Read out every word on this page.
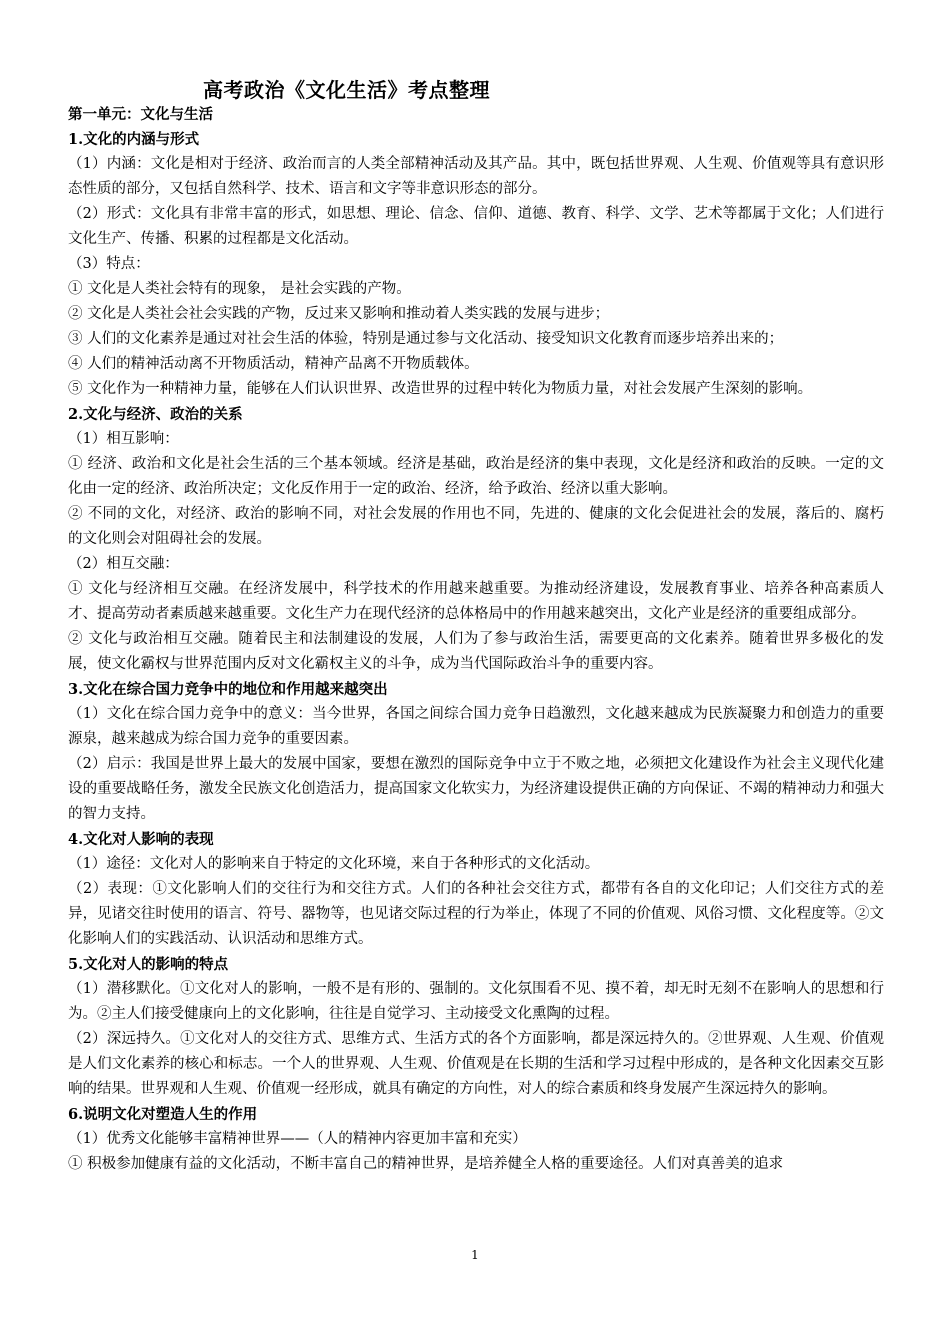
高考政治《文化生活》考点整理

第一单元：文化与生活

1.文化的内涵与形式

（1）内涵：文化是相对于经济、政治而言的人类全部精神活动及其产品。其中，既包括世界观、人生观、价值观等具有意识形态性质的部分，又包括自然科学、技术、语言和文字等非意识形态的部分。

（2）形式：文化具有非常丰富的形式，如思想、理论、信念、信仰、道德、教育、科学、文学、艺术等都属于文化；人们进行文化生产、传播、积累的过程都是文化活动。

（3）特点：

① 文化是人类社会特有的现象， 是社会实践的产物。

② 文化是人类社会社会实践的产物，反过来又影响和推动着人类实践的发展与进步；

③ 人们的文化素养是通过对社会生活的体验，特别是通过参与文化活动、接受知识文化教育而逐步培养出来的；

④ 人们的精神活动离不开物质活动，精神产品离不开物质载体。

⑤ 文化作为一种精神力量，能够在人们认识世界、改造世界的过程中转化为物质力量，对社会发展产生深刻的影响。

2.文化与经济、政治的关系

（1）相互影响：

① 经济、政治和文化是社会生活的三个基本领域。经济是基础，政治是经济的集中表现，文化是经济和政治的反映。一定的文化由一定的经济、政治所决定；文化反作用于一定的政治、经济，给予政治、经济以重大影响。

② 不同的文化，对经济、政治的影响不同，对社会发展的作用也不同，先进的、健康的文化会促进社会的发展，落后的、腐朽的文化则会对阻碍社会的发展。

（2）相互交融：

① 文化与经济相互交融。在经济发展中，科学技术的作用越来越重要。为推动经济建设，发展教育事业、培养各种高素质人才、提高劳动者素质越来越重要。文化生产力在现代经济的总体格局中的作用越来越突出，文化产业是经济的重要组成部分。

② 文化与政治相互交融。随着民主和法制建设的发展，人们为了参与政治生活，需要更高的文化素养。随着世界多极化的发展，使文化霸权与世界范围内反对文化霸权主义的斗争，成为当代国际政治斗争的重要内容。

3.文化在综合国力竞争中的地位和作用越来越突出

（1）文化在综合国力竞争中的意义：当今世界，各国之间综合国力竞争日趋激烈，文化越来越成为民族凝聚力和创造力的重要源泉，越来越成为综合国力竞争的重要因素。

（2）启示：我国是世界上最大的发展中国家，要想在激烈的国际竞争中立于不败之地，必须把文化建设作为社会主义现代化建设的重要战略任务，激发全民族文化创造活力，提高国家文化软实力，为经济建设提供正确的方向保证、不竭的精神动力和强大的智力支持。

4.文化对人影响的表现

（1）途径：文化对人的影响来自于特定的文化环境，来自于各种形式的文化活动。

（2）表现：①文化影响人们的交往行为和交往方式。人们的各种社会交往方式，都带有各自的文化印记；人们交往方式的差异，见诸交往时使用的语言、符号、器物等，也见诸交际过程的行为举止，体现了不同的价值观、风俗习惯、文化程度等。②文化影响人们的实践活动、认识活动和思维方式。

5.文化对人的影响的特点

（1）潜移默化。①文化对人的影响，一般不是有形的、强制的。文化氛围看不见、摸不着，却无时无刻不在影响人的思想和行为。②主人们接受健康向上的文化影响，往往是自觉学习、主动接受文化熏陶的过程。

（2）深远持久。①文化对人的交往方式、思维方式、生活方式的各个方面影响，都是深远持久的。②世界观、人生观、价值观是人们文化素养的核心和标志。一个人的世界观、人生观、价值观是在长期的生活和学习过程中形成的，是各种文化因素交互影响的结果。世界观和人生观、价值观一经形成，就具有确定的方向性，对人的综合素质和终身发展产生深远持久的影响。

6.说明文化对塑造人生的作用

（1）优秀文化能够丰富精神世界——（人的精神内容更加丰富和充实）

① 积极参加健康有益的文化活动，不断丰富自己的精神世界，是培养健全人格的重要途径。人们对真善美的追求

1
